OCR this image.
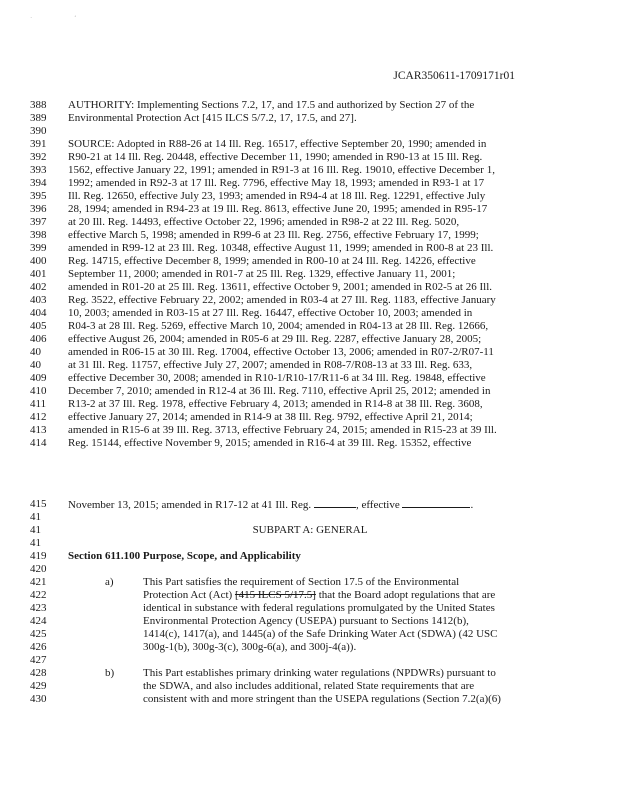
· ‘
JCAR350611-1709171r01
388	AUTHORITY: Implementing Sections 7.2, 17, and 17.5 and authorized by Section 27 of the
389	Environmental Protection Act [415 ILCS 5/7.2, 17, 17.5, and 27].
390
391	SOURCE: Adopted in R88-26 at 14 Ill. Reg. 16517, effective September 20, 1990; amended in
392	R90-21 at 14 Ill. Reg. 20448, effective December 11, 1990; amended in R90-13 at 15 Ill. Reg.
393	1562, effective January 22, 1991; amended in R91-3 at 16 Ill. Reg. 19010, effective December 1,
394	1992; amended in R92-3 at 17 Ill. Reg. 7796, effective May 18, 1993; amended in R93-1 at 17
395	Ill. Reg. 12650, effective July 23, 1993; amended in R94-4 at 18 Ill. Reg. 12291, effective July
396	28, 1994; amended in R94-23 at 19 Ill. Reg. 8613, effective June 20, 1995; amended in R95-17
397	at 20 Ill. Reg. 14493, effective October 22, 1996; amended in R98-2 at 22 Ill. Reg. 5020,
398	effective March 5, 1998; amended in R99-6 at 23 Ill. Reg. 2756, effective February 17, 1999;
399	amended in R99-12 at 23 Ill. Reg. 10348, effective August 11, 1999; amended in R00-8 at 23 Ill.
400	Reg. 14715, effective December 8, 1999; amended in R00-10 at 24 Ill. Reg. 14226, effective
401	September 11, 2000; amended in R01-7 at 25 Ill. Reg. 1329, effective January 11, 2001;
402	amended in R01-20 at 25 Ill. Reg. 13611, effective October 9, 2001; amended in R02-5 at 26 Ill.
403	Reg. 3522, effective February 22, 2002; amended in R03-4 at 27 Ill. Reg. 1183, effective January
404	10, 2003; amended in R03-15 at 27 Ill. Reg. 16447, effective October 10, 2003; amended in
405	R04-3 at 28 Ill. Reg. 5269, effective March 10, 2004; amended in R04-13 at 28 Ill. Reg. 12666,
406	effective August 26, 2004; amended in R05-6 at 29 Ill. Reg. 2287, effective January 28, 2005;
40	amended in R06-15 at 30 Ill. Reg. 17004, effective October 13, 2006; amended in R07-2/R07-11
40	at 31 Ill. Reg. 11757, effective July 27, 2007; amended in R08-7/R08-13 at 33 Ill. Reg. 633,
409	effective December 30, 2008; amended in R10-1/R10-17/R11-6 at 34 Ill. Reg. 19848, effective
410	December 7, 2010; amended in R12-4 at 36 Ill. Reg. 7110, effective April 25, 2012; amended in
411	R13-2 at 37 Ill. Reg. 1978, effective February 4, 2013; amended in R14-8 at 38 Ill. Reg. 3608,
412	effective January 27, 2014; amended in R14-9 at 38 Ill. Reg. 9792, effective April 21, 2014;
413	amended in R15-6 at 39 Ill. Reg. 3713, effective February 24, 2015; amended in R15-23 at 39 Ill.
414	Reg. 15144, effective November 9, 2015; amended in R16-4 at 39 Ill. Reg. 15352, effective
415	November 13, 2015; amended in R17-12 at 41 Ill. Reg.	, effective	.
41
41	SUBPART A: GENERAL
41
419	Section 611.100 Purpose, Scope, and Applicability
420
421	a)	This Part satisfies the requirement of Section 17.5 of the Environmental
422	Protection Act (Act) [415 ILCS 5/17.5] that the Board adopt regulations that are
423	identical in substance with federal regulations promulgated by the United States
424	Environmental Protection Agency (USEPA) pursuant to Sections 1412(b),
425	1414(c), 1417(a), and 1445(a) of the Safe Drinking Water Act (SDWA) (42 USC
426	300g-1(b), 300g-3(c), 300g-6(a), and 300j-4(a)).
427
428	b)	This Part establishes primary drinking water regulations (NPDWRs) pursuant to
429	the SDWA, and also includes additional, related State requirements that are
430	consistent with and more stringent than the USEPA regulations (Section 7.2(a)(6)
